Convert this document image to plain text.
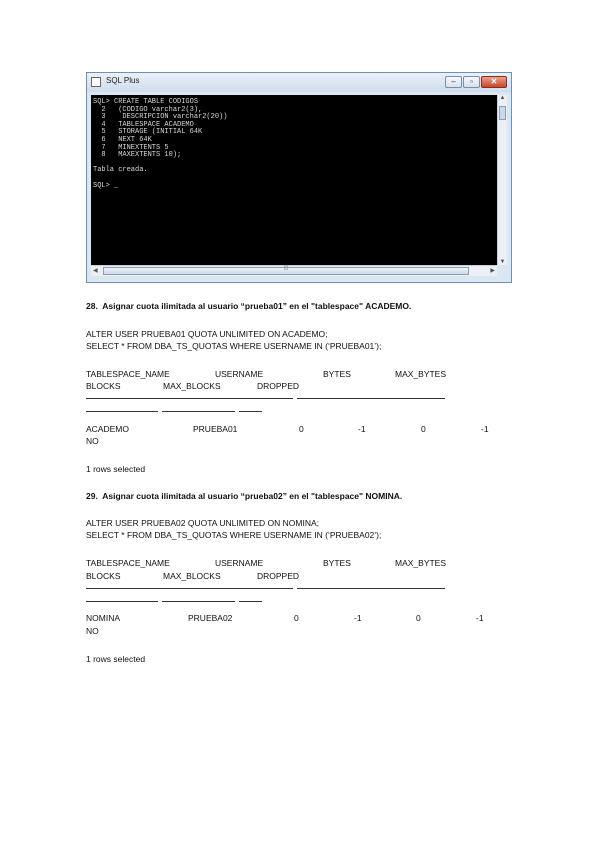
SQL Plus	–	▫	✕
SQL> CREATE TABLE CODIGOS
2   (CODIGO varchar2(3),
3    DESCRIPCION varchar2(20))
4   TABLESPACE ACADEMO
5   STORAGE (INITIAL 64K
6   NEXT 64K
7   MINEXTENTS 5
8   MAXEXTENTS 10);

Tabla creada.

SQL> _
▲
▼
◀	⁞⁞⁞	▶
28. Asignar cuota ilimitada al usuario “prueba01” en el "tablespace" ACADEMO.
ALTER USER PRUEBA01 QUOTA UNLIMITED ON ACADEMO;
SELECT * FROM DBA_TS_QUOTAS WHERE USERNAME IN (‘PRUEBA01’);
TABLESPACE_NAME	USERNAME	BYTES	MAX_BYTES
BLOCKS	MAX_BLOCKS	DROPPED
ACADEMO	PRUEBA01	0	-1	0	-1
NO
1 rows selected
29. Asignar cuota ilimitada al usuario “prueba02” en el "tablespace" NOMINA.
ALTER USER PRUEBA02 QUOTA UNLIMITED ON NOMINA;
SELECT * FROM DBA_TS_QUOTAS WHERE USERNAME IN (‘PRUEBA02’);
TABLESPACE_NAME	USERNAME	BYTES	MAX_BYTES
BLOCKS	MAX_BLOCKS	DROPPED
NOMINA	PRUEBA02	0	-1	0	-1
NO
1 rows selected
